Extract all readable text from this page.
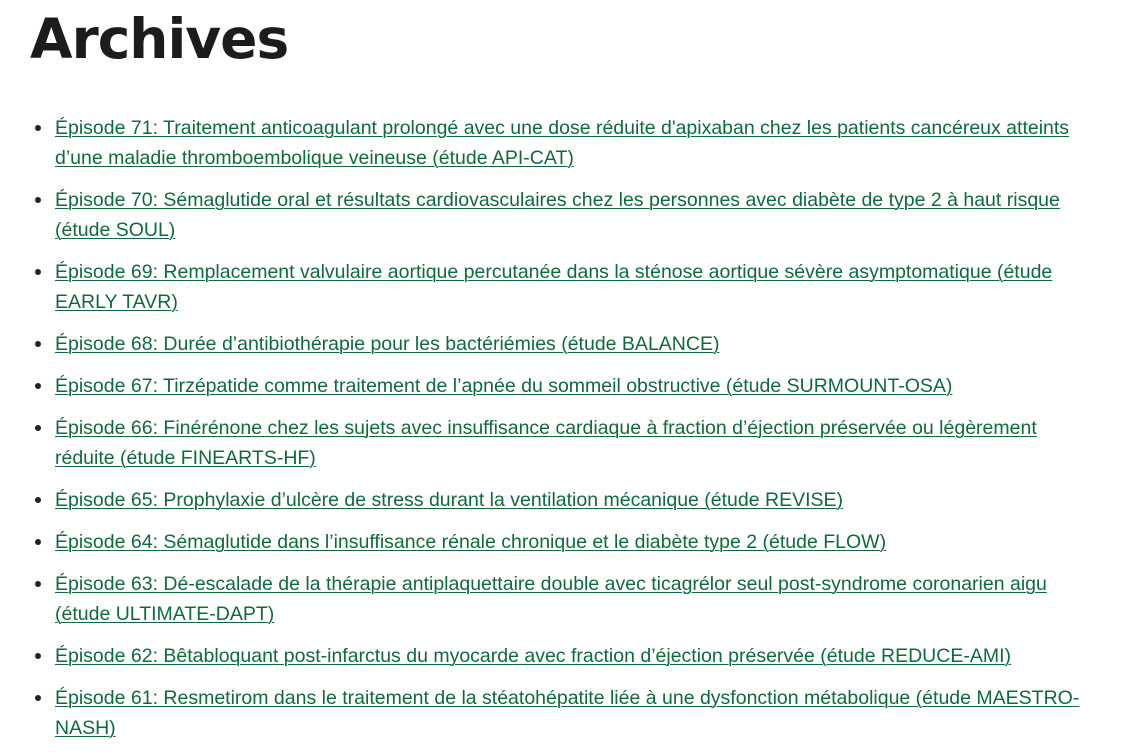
Archives
Épisode 71: Traitement anticoagulant prolongé avec une dose réduite d'apixaban chez les patients cancéreux atteints d’une maladie thromboembolique veineuse (étude API-CAT)
Épisode 70: Sémaglutide oral et résultats cardiovasculaires chez les personnes avec diabète de type 2 à haut risque (étude SOUL)
Épisode 69: Remplacement valvulaire aortique percutanée dans la sténose aortique sévère asymptomatique (étude EARLY TAVR)
Épisode 68: Durée d’antibiothérapie pour les bactériémies (étude BALANCE)
Épisode 67: Tirzépatide comme traitement de l’apnée du sommeil obstructive (étude SURMOUNT-OSA)
Épisode 66: Finérénone chez les sujets avec insuffisance cardiaque à fraction d’éjection préservée ou légèrement réduite (étude FINEARTS-HF)
Épisode 65: Prophylaxie d’ulcère de stress durant la ventilation mécanique (étude REVISE)
Épisode 64: Sémaglutide dans l’insuffisance rénale chronique et le diabète type 2 (étude FLOW)
Épisode 63: Dé-escalade de la thérapie antiplaquettaire double avec ticagrélor seul post-syndrome coronarien aigu (étude ULTIMATE-DAPT)
Épisode 62: Bêtabloquant post-infarctus du myocarde avec fraction d’éjection préservée (étude REDUCE-AMI)
Épisode 61: Resmetirom dans le traitement de la stéatohépatite liée à une dysfonction métabolique (étude MAESTRO-NASH)
